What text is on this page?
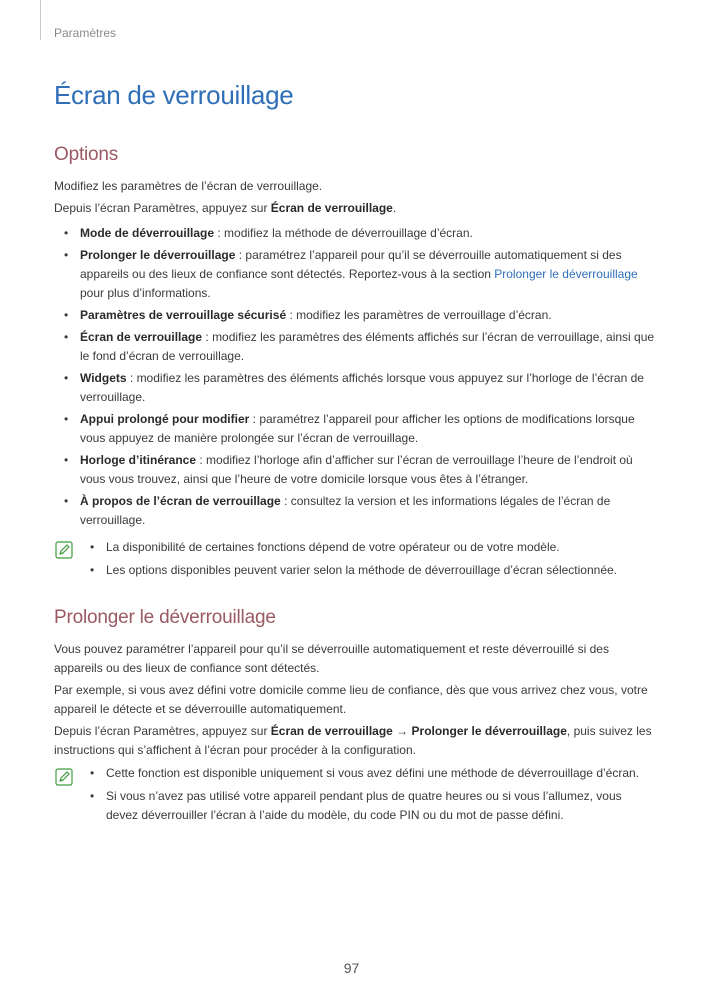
Paramètres
Écran de verrouillage
Options

Modifiez les paramètres de l’écran de verrouillage.

Depuis l’écran Paramètres, appuyez sur Écran de verrouillage.

• Mode de déverrouillage : modifiez la méthode de déverrouillage d’écran.
• Prolonger le déverrouillage : paramétrez l’appareil pour qu’il se déverrouille automatiquement si des appareils ou des lieux de confiance sont détectés. Reportez-vous à la section Prolonger le déverrouillage pour plus d’informations.
• Paramètres de verrouillage sécurisé : modifiez les paramètres de verrouillage d’écran.
• Écran de verrouillage : modifiez les paramètres des éléments affichés sur l’écran de verrouillage, ainsi que le fond d’écran de verrouillage.
• Widgets : modifiez les paramètres des éléments affichés lorsque vous appuyez sur l’horloge de l’écran de verrouillage.
• Appui prolongé pour modifier : paramétrez l’appareil pour afficher les options de modifications lorsque vous appuyez de manière prolongée sur l’écran de verrouillage.
• Horloge d’itinérance : modifiez l’horloge afin d’afficher sur l’écran de verrouillage l’heure de l’endroit où vous vous trouvez, ainsi que l’heure de votre domicile lorsque vous êtes à l’étranger.
• À propos de l’écran de verrouillage : consultez la version et les informations légales de l’écran de verrouillage.
• La disponibilité de certaines fonctions dépend de votre opérateur ou de votre modèle.
• Les options disponibles peuvent varier selon la méthode de déverrouillage d’écran sélectionnée.
Prolonger le déverrouillage

Vous pouvez paramétrer l’appareil pour qu’il se déverrouille automatiquement et reste déverrouillé si des appareils ou des lieux de confiance sont détectés.

Par exemple, si vous avez défini votre domicile comme lieu de confiance, dès que vous arrivez chez vous, votre appareil le détecte et se déverrouille automatiquement.

Depuis l’écran Paramètres, appuyez sur Écran de verrouillage → Prolonger le déverrouillage, puis suivez les instructions qui s’affichent à l’écran pour procéder à la configuration.

• Cette fonction est disponible uniquement si vous avez défini une méthode de déverrouillage d’écran.
• Si vous n’avez pas utilisé votre appareil pendant plus de quatre heures ou si vous l’allumez, vous devez déverrouiller l’écran à l’aide du modèle, du code PIN ou du mot de passe défini.
97
